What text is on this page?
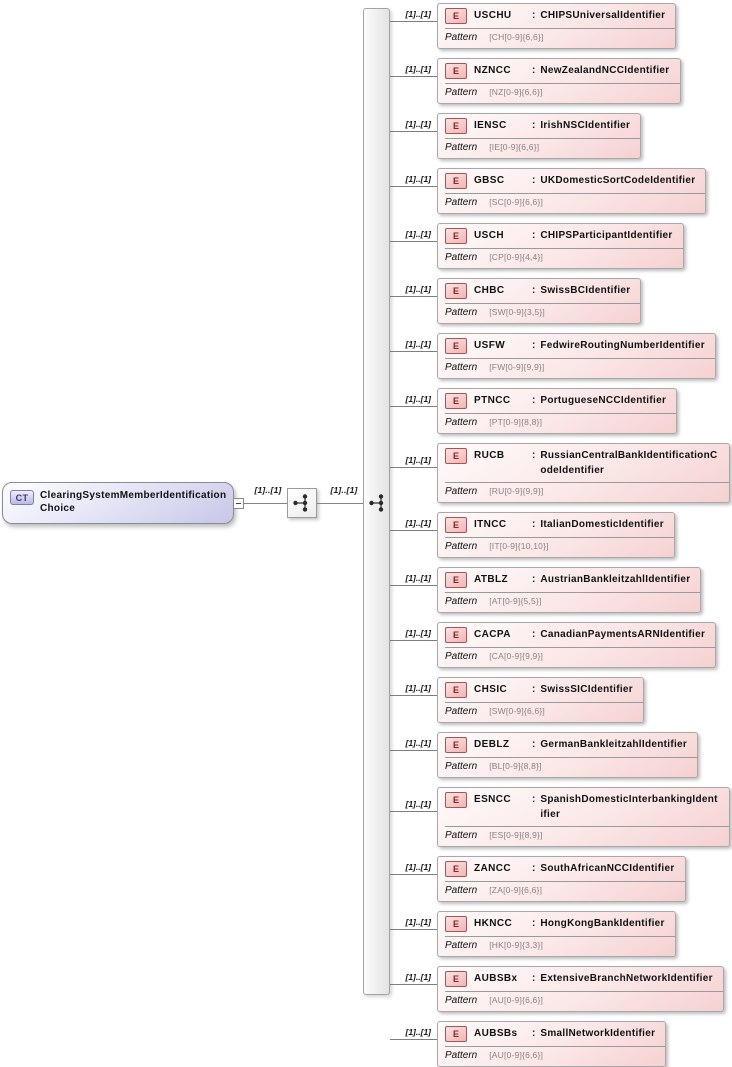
CT	ClearingSystemMemberIdentificationChoice
[1]..[1]	[1]..[1]
[1]..[1]	E	USCHU	: CHIPSUniversalIdentifier
Pattern [CH[0-9]{6,6}]
[1]..[1]	E	NZNCC	: NewZealandNCCIdentifier
Pattern [NZ[0-9]{6,6}]
[1]..[1]	E	IENSC	: IrishNSCIdentifier
Pattern [IE[0-9]{6,6}]
[1]..[1]	E	GBSC	: UKDomesticSortCodeIdentifier
Pattern [SC[0-9]{6,6}]
[1]..[1]	E	USCH	: CHIPSParticipantIdentifier
Pattern [CP[0-9]{4,4}]
[1]..[1]	E	CHBC	: SwissBCIdentifier
Pattern [SW[0-9]{3,5}]
[1]..[1]	E	USFW	: FedwireRoutingNumberIdentifier
Pattern [FW[0-9]{9,9}]
[1]..[1]	E	PTNCC	: PortugueseNCCIdentifier
Pattern [PT[0-9]{8,8}]
[1]..[1]	E	RUCB	: RussianCentralBankIdentificationCodeIdentifier
Pattern [RU[0-9]{9,9}]
[1]..[1]	E	ITNCC	: ItalianDomesticIdentifier
Pattern [IT[0-9]{10,10}]
[1]..[1]	E	ATBLZ	: AustrianBankleitzahlIdentifier
Pattern [AT[0-9]{5,5}]
[1]..[1]	E	CACPA	: CanadianPaymentsARNIdentifier
Pattern [CA[0-9]{9,9}]
[1]..[1]	E	CHSIC	: SwissSICIdentifier
Pattern [SW[0-9]{6,6}]
[1]..[1]	E	DEBLZ	: GermanBankleitzahlIdentifier
Pattern [BL[0-9]{8,8}]
[1]..[1]	E	ESNCC	: SpanishDomesticInterbankingIdentifier
Pattern [ES[0-9]{8,9}]
[1]..[1]	E	ZANCC	: SouthAfricanNCCIdentifier
Pattern [ZA[0-9]{6,6}]
[1]..[1]	E	HKNCC	: HongKongBankIdentifier
Pattern [HK[0-9]{3,3}]
[1]..[1]	E	AUBSBx	: ExtensiveBranchNetworkIdentifier
Pattern [AU[0-9]{6,6}]
[1]..[1]	E	AUBSBs	: SmallNetworkIdentifier
Pattern [AU[0-9]{6,6}]
